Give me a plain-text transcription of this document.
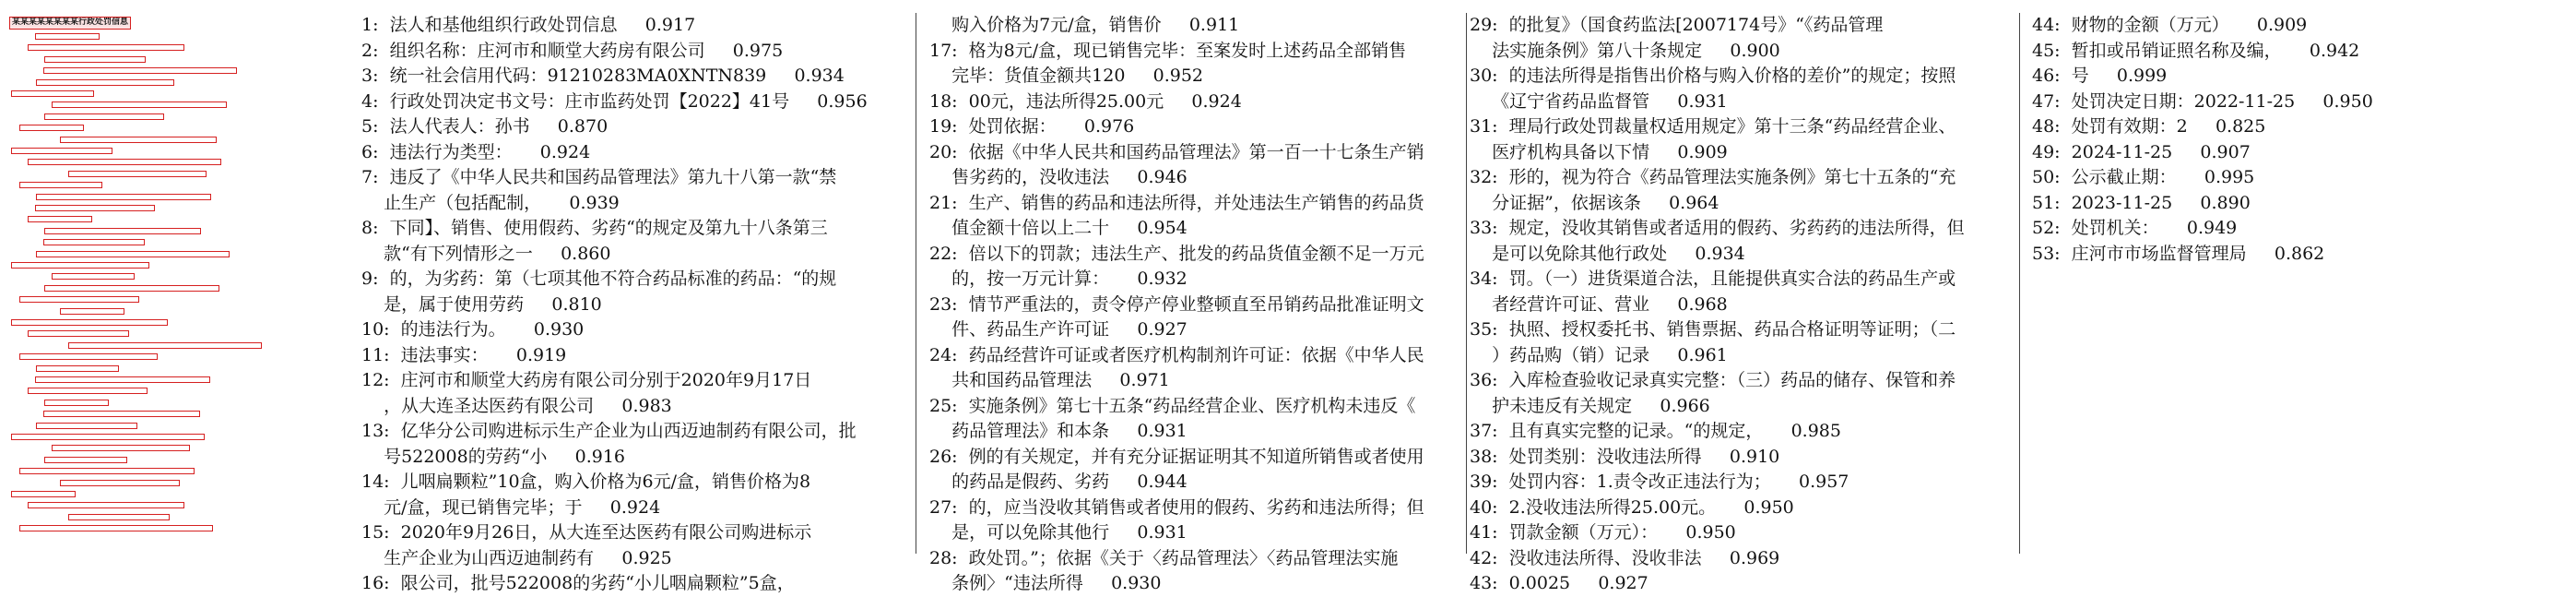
某某某某某某某某行政处罚信息	1:  法人和基他组织行政处罚信息     0.917
2:  组织名称：庄河市和顺堂大药房有限公司     0.975
3:  统一社会信用代码：91210283MA0XNTN839     0.934
4:  行政处罚决定书文号：庄市监药处罚【2022】41号     0.956
5:  法人代表人：孙书     0.870
6:  违法行为类型：     0.924
7:  违反了《中华人民共和国药品管理法》第九十八第一款“禁
止生产（包括配制，     0.939
8:  下同】、销售、使用假药、劣药“的规定及第九十八条第三
款“有下列情形之一     0.860
9:  的，为劣药：第（七项其他不符合药品标准的药品：“的规
是，属于使用劳药     0.810
10:  的违法行为。     0.930
11:  违法事实：     0.919
12:  庄河市和顺堂大药房有限公司分别于2020年9月17日
，从大连圣达医药有限公司     0.983
13:  亿华分公司购进标示生产企业为山西迈迪制药有限公司，批
号522008的劳药“小     0.916
14:  儿咽扁颗粒”10盒，购入价格为6元/盒，销售价格为8
元/盒，现已销售完毕；于     0.924
15:  2020年9月26日，从大连至达医药有限公司购进标示
生产企业为山西迈迪制药有     0.925
16:  限公司，批号522008的劣药“小儿咽扁颗粒”5盒，
购入价格为7元/盒，销售价     0.911
17:  格为8元/盒，现已销售完毕：至案发时上述药品全部销售
完毕：货值金额共120     0.952
18:  00元，违法所得25.00元     0.924
19:  处罚依据：     0.976
20:  依据《中华人民共和国药品管理法》第一百一十七条生产销
售劣药的，没收违法     0.946
21:  生产、销售的药品和违法所得，并处违法生产销售的药品货
值金额十倍以上二十     0.954
22:  倍以下的罚款；违法生产、批发的药品货值金额不足一万元
的，按一万元计算：     0.932
23:  情节严重法的，责令停产停业整顿直至吊销药品批准证明文
件、药品生产许可证     0.927
24:  药品经营许可证或者医疗机构制剂许可证：依据《中华人民
共和国药品管理法     0.971
25:  实施条例》第七十五条“药品经营企业、医疗机构未违反《
药品管理法》和本条     0.931
26:  例的有关规定，并有充分证据证明其不知道所销售或者使用
的药品是假药、劣药     0.944
27:  的，应当没收其销售或者使用的假药、劣药和违法所得；但
是，可以免除其他行     0.931
28:  政处罚。”；依据《关于〈药品管理法〉〈药品管理法实施
条例〉“违法所得     0.930
29:  的批复》（国食药监法[2007174号》“《药品管理
法实施条例》第八十条规定     0.900
30:  的违法所得是指售出价格与购入价格的差价”的规定；按照
《辽宁省药品监督管     0.931
31:  理局行政处罚裁量权适用规定》第十三条“药品经营企业、
医疗机构具备以下情     0.909
32:  形的，视为符合《药品管理法实施条例》第七十五条的“充
分证据”，依据该条     0.964
33:  规定，没收其销售或者适用的假药、劣药药的违法所得，但
是可以免除其他行政处     0.934
34:  罚。（一）进货渠道合法，且能提供真实合法的药品生产或
者经营许可证、营业     0.968
35:  执照、授权委托书、销售票据、药品合格证明等证明；（二
）药品购（销）记录     0.961
36:  入库检查验收记录真实完整：（三）药品的储存、保管和养
护未违反有关规定     0.966
37:  且有真实完整的记录。“的规定，     0.985
38:  处罚类别：没收违法所得     0.910
39:  处罚内容：1.责令改正违法行为；     0.957
40:  2.没收违法所得25.00元。     0.950
41:  罚款金额（万元）：     0.950
42:  没收违法所得、没收非法     0.969
43:  0.0025     0.927
44:  财物的金额（万元）     0.909
45:  暂扣或吊销证照名称及编，     0.942
46:  号     0.999
47:  处罚决定日期：2022-11-25     0.950
48:  处罚有效期：2     0.825
49:  2024-11-25     0.907
50:  公示截止期：     0.995
51:  2023-11-25     0.890
52:  处罚机关：     0.949
53:  庄河市市场监督管理局     0.862
